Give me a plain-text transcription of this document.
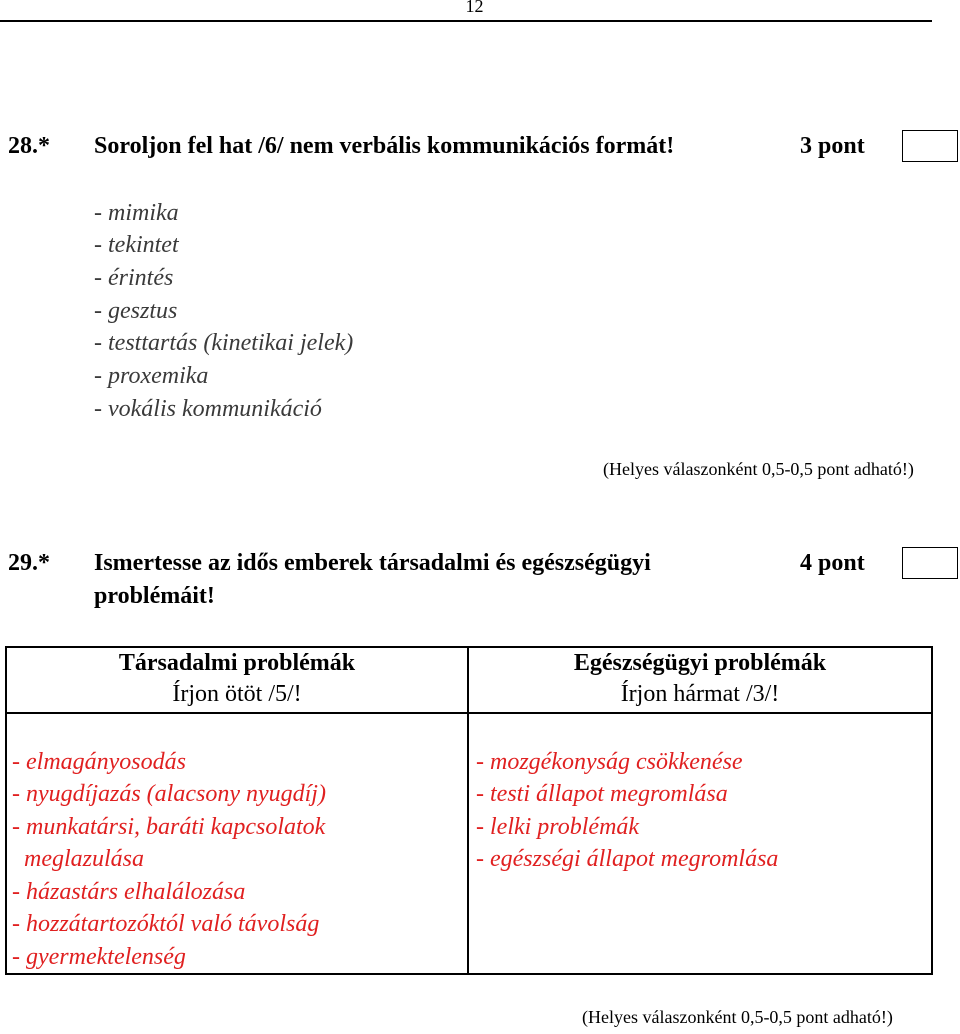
12
28.* Soroljon fel hat /6/ nem verbális kommunikációs formát!	3 pont
- mimika
- tekintet
- érintés
- gesztus
- testtartás (kinetikai jelek)
- proxemika
- vokális kommunikáció
(Helyes válaszonként 0,5-0,5 pont adható!)
29.* Ismertesse az idős emberek társadalmi és egészségügyi
problémáit!
4 pont
Társadalmi problémák
Írjon ötöt /5/!
Egészségügyi problémák
Írjon hármat /3/!
- elmagányosodás
- nyugdíjazás (alacsony nyugdíj)
- munkatársi, baráti kapcsolatok
meglazulása
- házastárs elhalálozása
- hozzátartozóktól való távolság
- gyermektelenség
- mozgékonyság csökkenése
- testi állapot megromlása
- lelki problémák
- egészségi állapot megromlása
(Helyes válaszonként 0,5-0,5 pont adható!)
